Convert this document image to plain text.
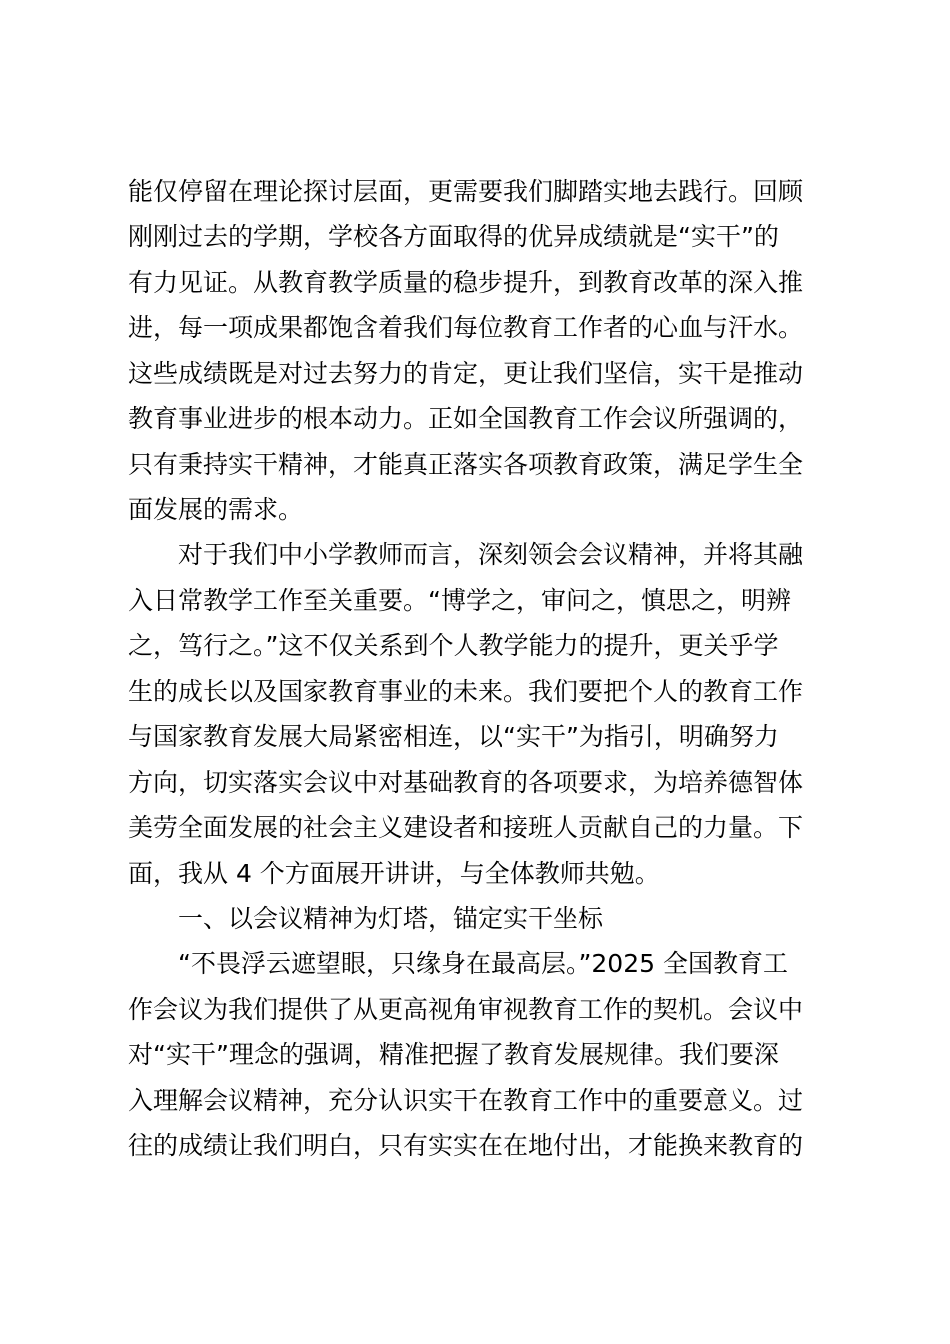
能仅停留在理论探讨层面，更需要我们脚踏实地去践行。回顾
刚刚过去的学期，学校各方面取得的优异成绩就是“实干”的
有力见证。从教育教学质量的稳步提升，到教育改革的深入推
进，每一项成果都饱含着我们每位教育工作者的心血与汗水。
这些成绩既是对过去努力的肯定，更让我们坚信，实干是推动
教育事业进步的根本动力。正如全国教育工作会议所强调的，
只有秉持实干精神，才能真正落实各项教育政策，满足学生全
面发展的需求。
对于我们中小学教师而言，深刻领会会议精神，并将其融
入日常教学工作至关重要。“博学之，审问之，慎思之，明辨
之，笃行之。”这不仅关系到个人教学能力的提升，更关乎学
生的成长以及国家教育事业的未来。我们要把个人的教育工作
与国家教育发展大局紧密相连，以“实干”为指引，明确努力
方向，切实落实会议中对基础教育的各项要求，为培养德智体
美劳全面发展的社会主义建设者和接班人贡献自己的力量。下
面，我从 4 个方面展开讲讲，与全体教师共勉。
一、以会议精神为灯塔，锚定实干坐标
“不畏浮云遮望眼，只缘身在最高层。”2025 全国教育工
作会议为我们提供了从更高视角审视教育工作的契机。会议中
对“实干”理念的强调，精准把握了教育发展规律。我们要深
入理解会议精神，充分认识实干在教育工作中的重要意义。过
往的成绩让我们明白，只有实实在在地付出，才能换来教育的
